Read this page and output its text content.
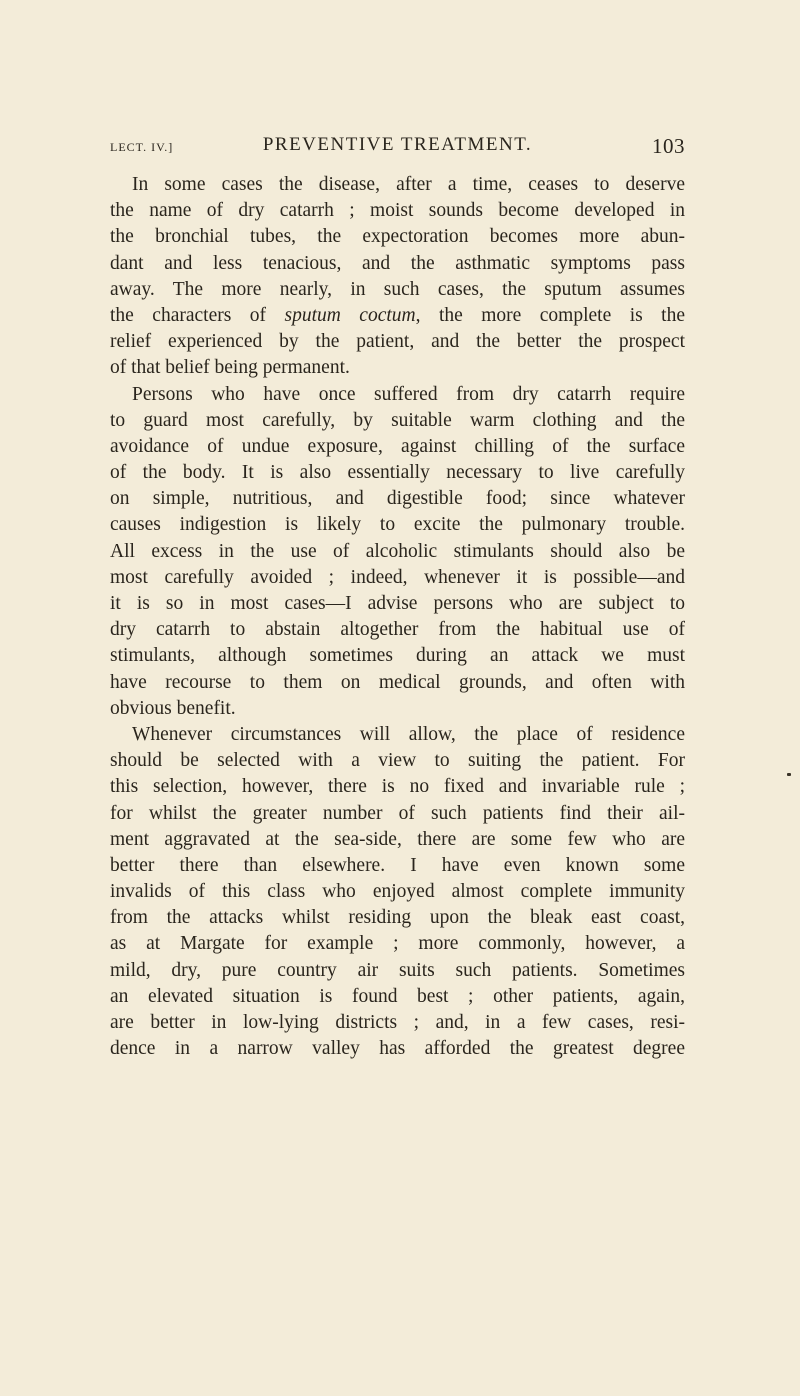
LECT. IV.]	PREVENTIVE TREATMENT.	103
In some cases the disease, after a time, ceases to deserve
the name of dry catarrh ; moist sounds become developed in
the bronchial tubes, the expectoration becomes more abun-
dant and less tenacious, and the asthmatic symptoms pass
away. The more nearly, in such cases, the sputum assumes
the characters of sputum coctum, the more complete is the
relief experienced by the patient, and the better the prospect
of that belief being permanent.
Persons who have once suffered from dry catarrh require
to guard most carefully, by suitable warm clothing and the
avoidance of undue exposure, against chilling of the surface
of the body. It is also essentially necessary to live carefully
on simple, nutritious, and digestible food; since whatever
causes indigestion is likely to excite the pulmonary trouble.
All excess in the use of alcoholic stimulants should also be
most carefully avoided ; indeed, whenever it is possible—and
it is so in most cases—I advise persons who are subject to
dry catarrh to abstain altogether from the habitual use of
stimulants, although sometimes during an attack we must
have recourse to them on medical grounds, and often with
obvious benefit.
Whenever circumstances will allow, the place of residence
should be selected with a view to suiting the patient. For
this selection, however, there is no fixed and invariable rule ;
for whilst the greater number of such patients find their ail-
ment aggravated at the sea-side, there are some few who are
better there than elsewhere. I have even known some
invalids of this class who enjoyed almost complete immunity
from the attacks whilst residing upon the bleak east coast,
as at Margate for example ; more commonly, however, a
mild, dry, pure country air suits such patients. Sometimes
an elevated situation is found best ; other patients, again,
are better in low-lying districts ; and, in a few cases, resi-
dence in a narrow valley has afforded the greatest degree
